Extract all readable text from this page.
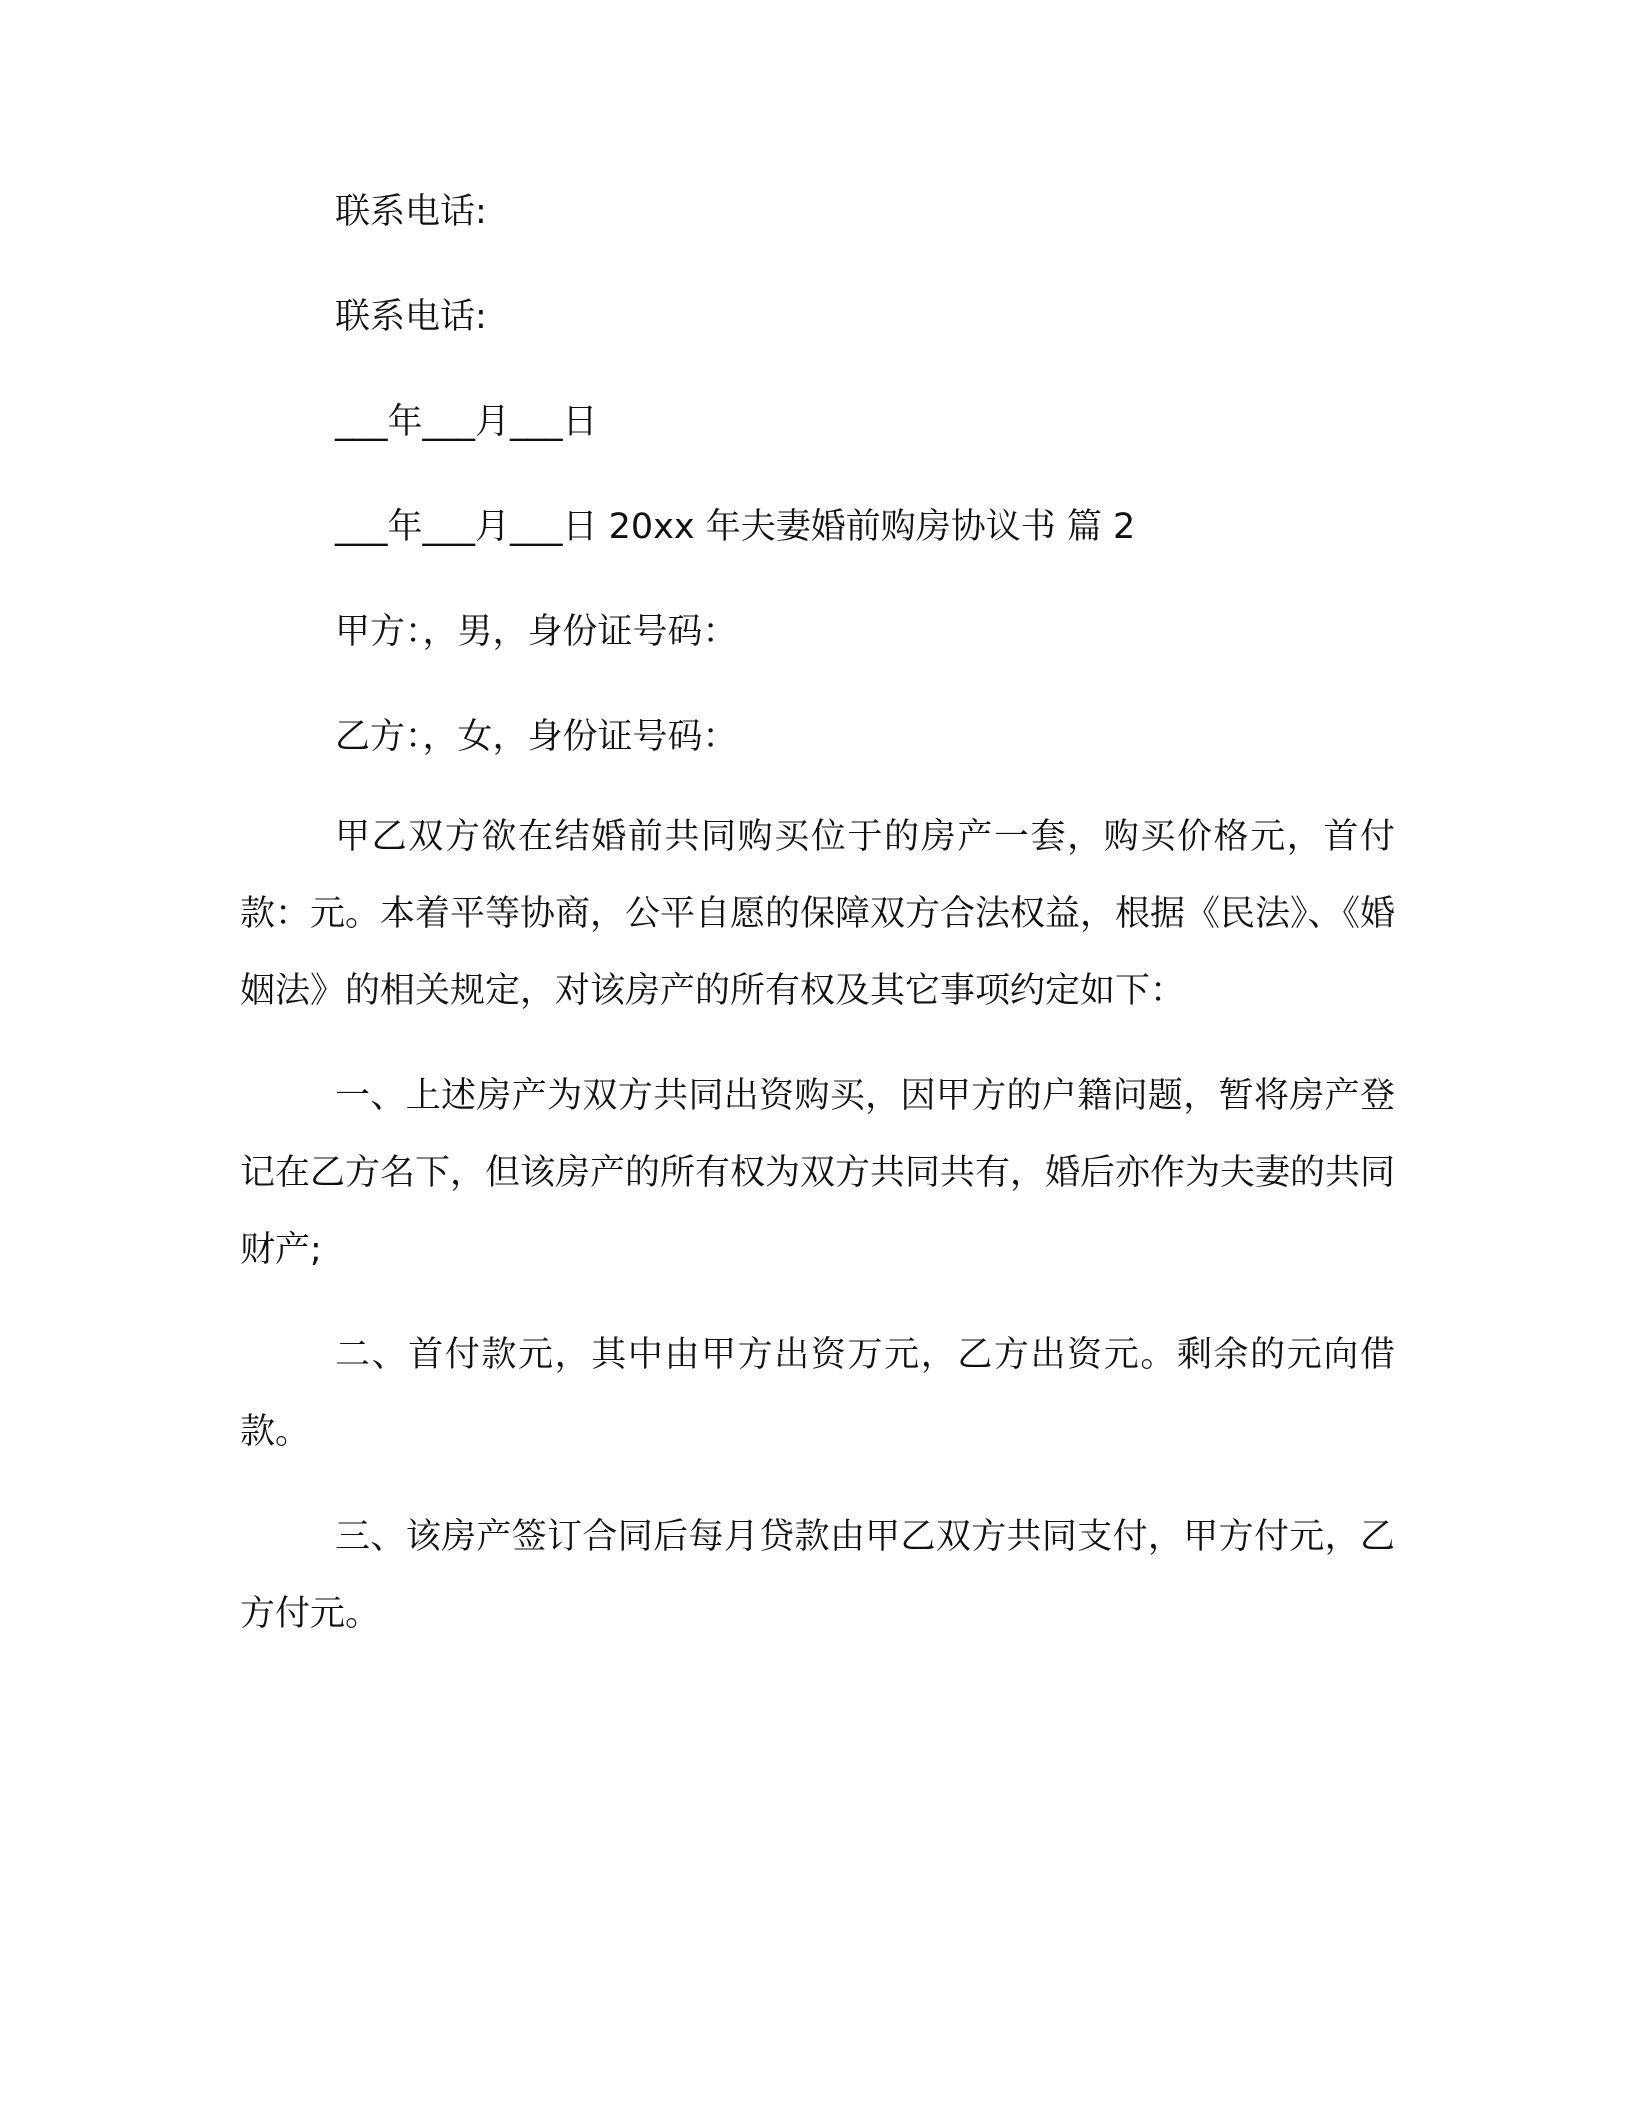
联系电话:

联系电话:

___年___月___日

___年___月___日 20xx 年夫妻婚前购房协议书 篇 2

甲方：，男，身份证号码：

乙方：，女，身份证号码：

甲乙双方欲在结婚前共同购买位于的房产一套，购买价格元，首付款：元。本着平等协商，公平自愿的保障双方合法权益，根据《民法》、《婚姻法》的相关规定，对该房产的所有权及其它事项约定如下：

一、上述房产为双方共同出资购买，因甲方的户籍问题，暂将房产登记在乙方名下，但该房产的所有权为双方共同共有，婚后亦作为夫妻的共同财产;

二、首付款元，其中由甲方出资万元，乙方出资元。剩余的元向借款。

三、该房产签订合同后每月贷款由甲乙双方共同支付，甲方付元，乙方付元。
